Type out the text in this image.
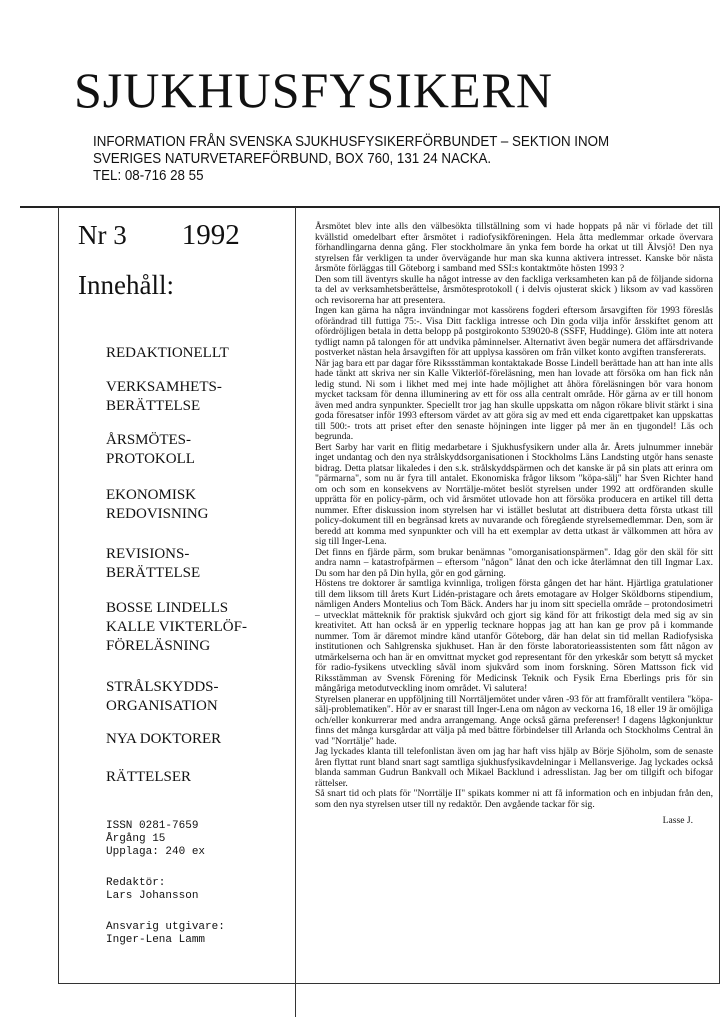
SJUKHUSFYSIKERN
INFORMATION FRÅN SVENSKA SJUKHUSFYSIKERFÖRBUNDET – SEKTION INOM
SVERIGES NATURVETAREFÖRBUND, BOX 760, 131 24 NACKA.
TEL: 08-716 28 55
Nr 3 1992
Innehåll:
REDAKTIONELLT
VERKSAMHETS-
BERÄTTELSE
ÅRSMÖTES-
PROTOKOLL
EKONOMISK
REDOVISNING
REVISIONS-
BERÄTTELSE
BOSSE LINDELLS
KALLE VIKTERLÖF-
FÖRELÄSNING
STRÅLSKYDDS-
ORGANISATION
NYA DOKTORER
RÄTTELSER
ISSN 0281-7659
Årgång 15
Upplaga: 240 ex
Redaktör:
Lars Johansson
Ansvarig utgivare:
Inger-Lena Lamm

Årsmötet blev inte alls den välbesökta tillställning som vi hade hoppats på när vi förlade det till kvällstid omedelbart efter årsmötet i radiofysikföreningen. Hela åtta medlemmar orkade övervara förhandlingarna denna gång. Fler stockholmare än ynka fem borde ha orkat ut till Älvsjö! Den nya styrelsen får verkligen ta under övervägande hur man ska kunna aktivera intresset. Kanske bör nästa årsmöte förläggas till Göteborg i samband med SSI:s kontaktmöte hösten 1993 ?

Den som till äventyrs skulle ha något intresse av den fackliga verksamheten kan på de följande sidorna ta del av verksamhetsberättelse, årsmötesprotokoll ( i delvis ojusterat skick ) liksom av vad kassören och revisorerna har att presentera.

Ingen kan gärna ha några invändningar mot kassörens fogderi eftersom årsavgiften för 1993 föreslås oförändrad till futtiga 75:-. Visa Ditt fackliga intresse och Din goda vilja inför årsskiftet genom att ofördröjligen betala in detta belopp på postgirokonto 539020-8 (SSFF, Huddinge). Glöm inte att notera tydligt namn på talongen för att undvika påminnelser. Alternativt även begär numera det affärsdrivande postverket nästan hela årsavgiften för att upplysa kassören om från vilket konto avgiften transfererats.

När jag bara ett par dagar före Rikssstämman kontaktakade Bosse Lindell berättade han att han inte alls hade tänkt att skriva ner sin Kalle Vikterlöf-föreläsning, men han lovade att försöka om han fick nån ledig stund. Ni som i likhet med mej inte hade möjlighet att åhöra föreläsningen bör vara honom mycket tacksam för denna illuminering av ett för oss alla centralt område. Hör gärna av er till honom även med andra synpunkter. Speciellt tror jag han skulle uppskatta om någon rökare blivit stärkt i sina goda föresatser inför 1993 eftersom värdet av att göra sig av med ett enda cigarettpaket kan uppskattas till 500:- trots att priset efter den senaste höjningen inte ligger på mer än en tjugondel! Läs och begrunda.

Bert Sarby har varit en flitig medarbetare i Sjukhusfysikern under alla år. Årets julnummer innebär inget undantag och den nya strålskyddsorganisationen i Stockholms Läns Landsting utgör hans senaste bidrag. Detta platsar likaledes i den s.k. strålskyddspärmen och det kanske är på sin plats att erinra om "pärmarna", som nu är fyra till antalet. Ekonomiska frågor liksom "köpa-sälj" har Sven Richter hand om och som en konsekvens av Norrtälje-mötet beslöt styrelsen under 1992 att ordföranden skulle upprätta för en policy-pärm, och vid årsmötet utlovade hon att försöka producera en artikel till detta nummer. Efter diskussion inom styrelsen har vi istället beslutat att distribuera detta första utkast till policy-dokument till en begränsad krets av nuvarande och föregående styrelsemedlemmar. Den, som är beredd att komma med synpunkter och vill ha ett exemplar av detta utkast är välkommen att höra av sig till Inger-Lena.

Det finns en fjärde pärm, som brukar benämnas "omorganisationspärmen". Idag gör den skäl för sitt andra namn – katastrofpärmen – eftersom "någon" lånat den och icke återlämnat den till Ingmar Lax. Du som har den på Din hylla, gör en god gärning.

Höstens tre doktorer är samtliga kvinnliga, troligen första gången det har hänt. Hjärtliga gratulationer till dem liksom till årets Kurt Lidén-pristagare och årets emotagare av Holger Sköldborns stipendium, nämligen Anders Montelius och Tom Bäck. Anders har ju inom sitt speciella område – protondosimetri – utvecklat mätteknik för praktisk sjukvård och gjort sig känd för att frikostigt dela med sig av sin kreativitet. Att han också är en ypperlig tecknare hoppas jag att han kan ge prov på i kommande nummer. Tom är däremot mindre känd utanför Göteborg, där han delat sin tid mellan Radiofysiska institutionen och Sahlgrenska sjukhuset. Han är den förste laboratorieassistenten som fått någon av utmärkelserna och han är en omvittnat mycket god representant för den yrkeskår som betytt så mycket för radio-fysikens utveckling såväl inom sjukvård som inom forskning. Sören Mattsson fick vid Riksstämman av Svensk Förening för Medicinsk Teknik och Fysik Erna Eberlings pris för sin mångåriga metodutveckling inom området. Vi salutera!

Styrelsen planerar en uppföljning till Norrtäljemötet under våren -93 för att framförallt ventilera "köpa-sälj-problematiken". Hör av er snarast till Inger-Lena om någon av veckorna 16, 18 eller 19 är omöjliga och/eller konkurrerar med andra arrangemang. Ange också gärna preferenser! I dagens lågkonjunktur finns det många kursgårdar att välja på med bättre förbindelser till Arlanda och Stockholms Central än vad "Norrtälje" hade.

Jag lyckades klanta till telefonlistan även om jag har haft viss hjälp av Börje Sjöholm, som de senaste åren flyttat runt bland snart sagt samtliga sjukhusfysikavdelningar i Mellansverige. Jag lyckades också blanda samman Gudrun Bankvall och Mikael Backlund i adresslistan. Jag ber om tillgift och bifogar rättelser.

Så snart tid och plats för "Norrtälje II" spikats kommer ni att få information och en inbjudan från den, som den nya styrelsen utser till ny redaktör. Den avgående tackar för sig.

Lasse J.
